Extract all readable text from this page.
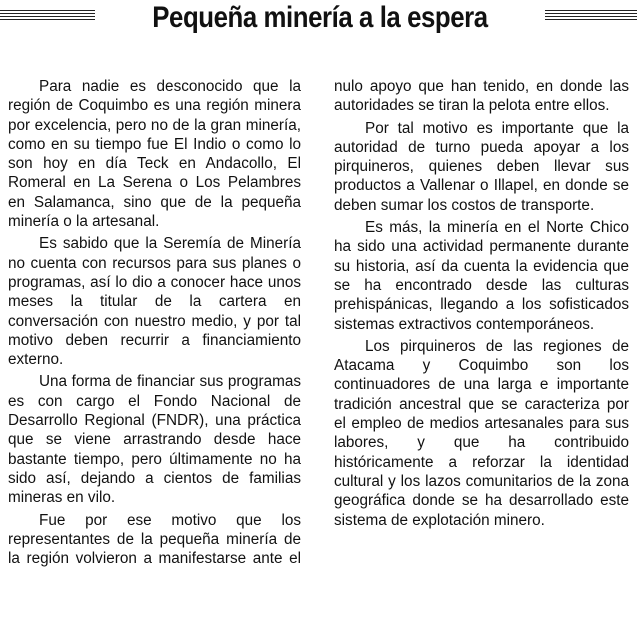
Pequeña minería a la espera

Para nadie es desconocido que la región de Coquimbo es una región minera por excelencia, pero no de la gran minería, como en su tiempo fue El Indio o como lo son hoy en día Teck en Andacollo, El Romeral en La Serena o Los Pelambres en Salamanca, sino que de la pequeña minería o la artesanal.

Es sabido que la Seremía de Minería no cuenta con recursos para sus planes o programas, así lo dio a conocer hace unos meses la titular de la cartera en conversación con nuestro medio, y por tal motivo deben recurrir a financiamiento externo.

Una forma de financiar sus programas es con cargo el Fondo Nacional de Desarrollo Regional (FNDR), una práctica que se viene arrastrando desde hace bastante tiempo, pero últimamente no ha sido así, dejando a cientos de familias mineras en vilo.

Fue por ese motivo que los representantes de la pequeña minería de la región volvieron a manifestarse ante el

nulo apoyo que han tenido, en donde las autoridades se tiran la pelota entre ellos.

Por tal motivo es importante que la autoridad de turno pueda apoyar a los pirquineros, quienes deben llevar sus productos a Vallenar o Illapel, en donde se deben sumar los costos de transporte.

Es más, la minería en el Norte Chico ha sido una actividad permanente durante su historia, así da cuenta la evidencia que se ha encontrado desde las culturas prehispánicas, llegando a los sofisticados sistemas extractivos contemporáneos.

Los pirquineros de las regiones de Atacama y Coquimbo son los continuadores de una larga e importante tradición ancestral que se caracteriza por el empleo de medios artesanales para sus labores, y que ha contribuido históricamente a reforzar la identidad cultural y los lazos comunitarios de la zona geográfica donde se ha desarrollado este sistema de explotación minero.
